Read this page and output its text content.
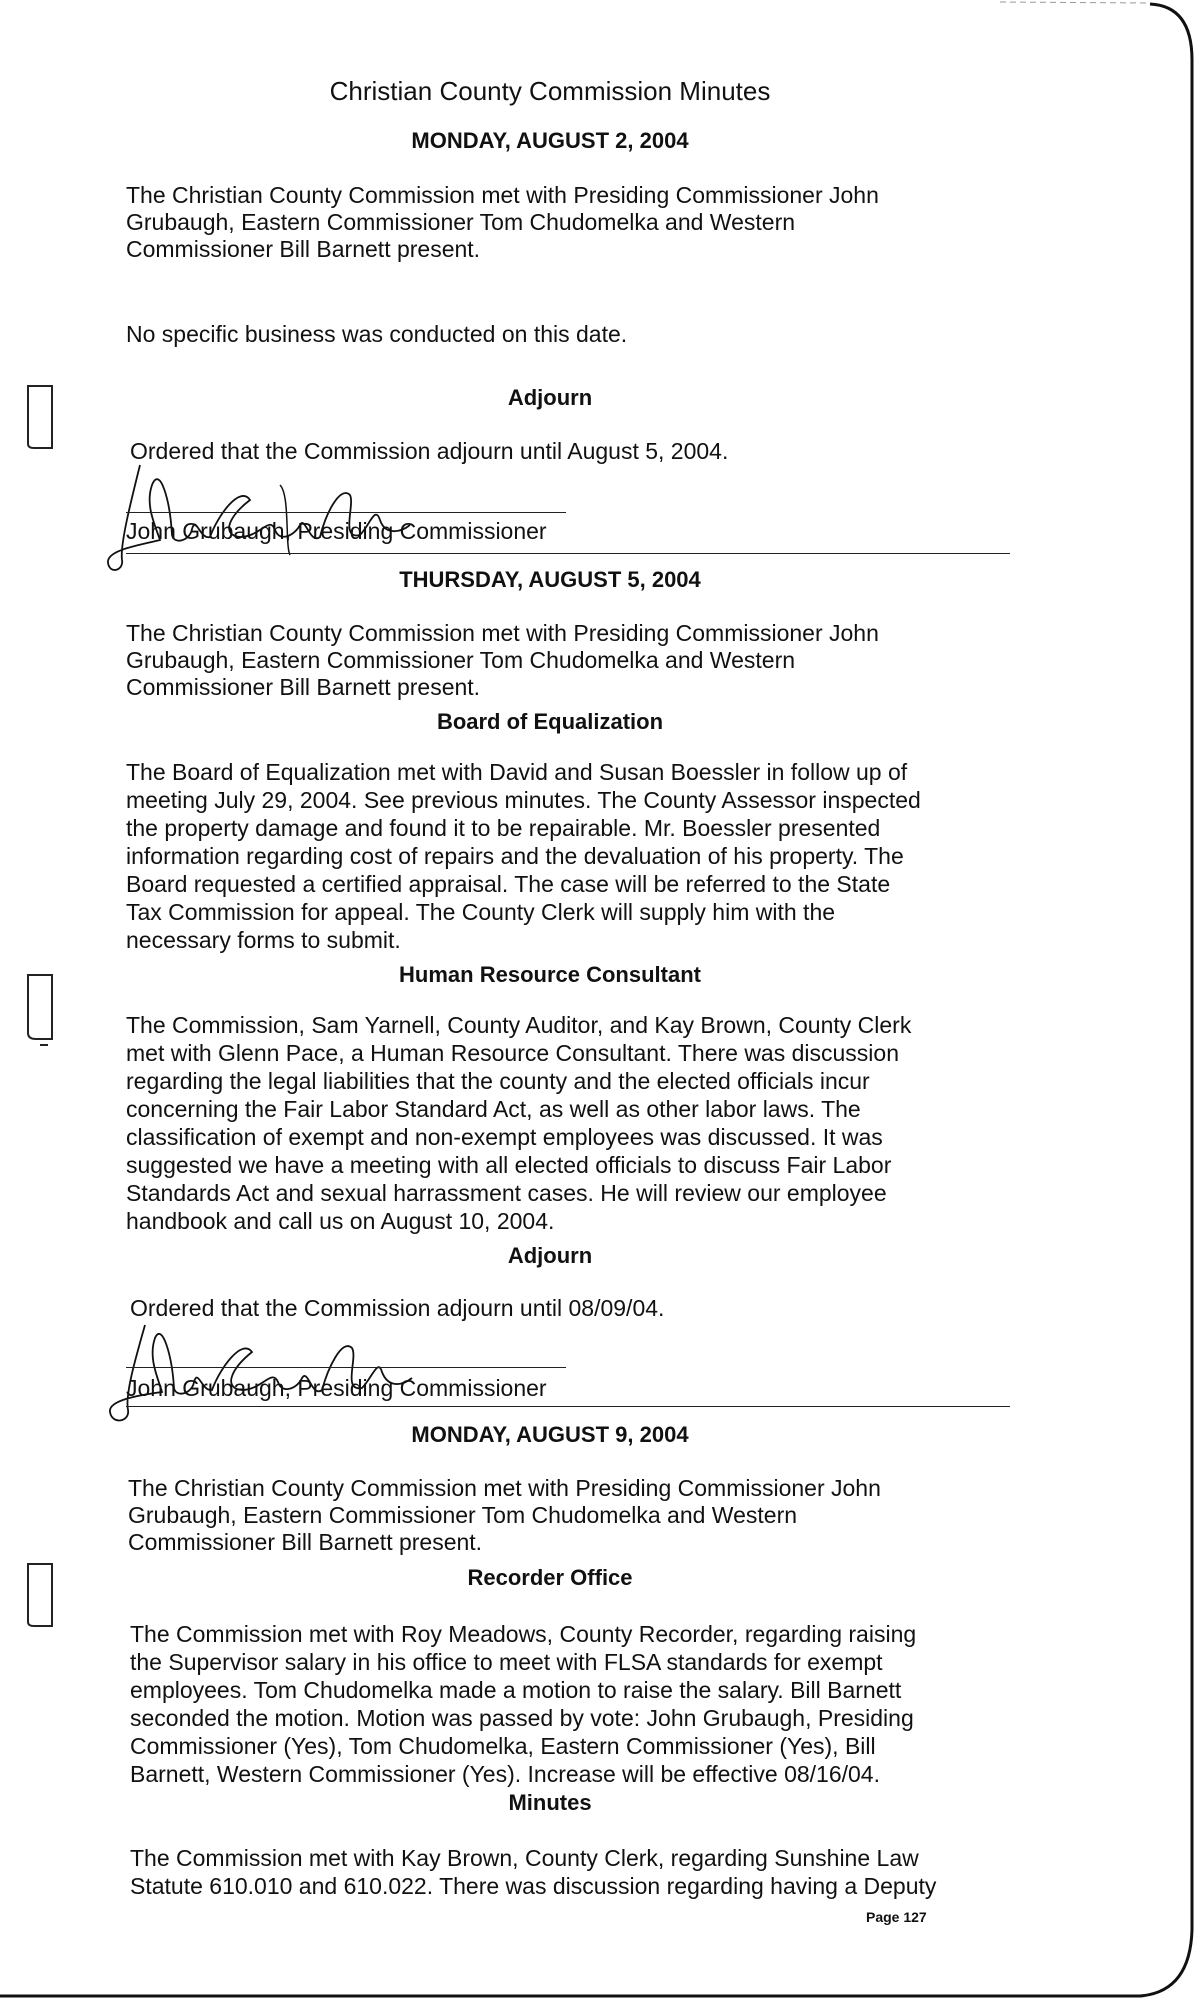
Christian County Commission Minutes
MONDAY, AUGUST 2, 2004
The Christian County Commission met with Presiding Commissioner John
Grubaugh, Eastern Commissioner Tom Chudomelka and Western
Commissioner Bill Barnett present.
No specific business was conducted on this date.
Adjourn
Ordered that the Commission adjourn until August 5, 2004.
John Grubaugh, Presiding Commissioner
THURSDAY, AUGUST 5, 2004
The Christian County Commission met with Presiding Commissioner John
Grubaugh, Eastern Commissioner Tom Chudomelka and Western
Commissioner Bill Barnett present.
Board of Equalization
The Board of Equalization met with David and Susan Boessler in follow up of
meeting July 29, 2004. See previous minutes. The County Assessor inspected
the property damage and found it to be repairable. Mr. Boessler presented
information regarding cost of repairs and the devaluation of his property. The
Board requested a certified appraisal. The case will be referred to the State
Tax Commission for appeal. The County Clerk will supply him with the
necessary forms to submit.
Human Resource Consultant
The Commission, Sam Yarnell, County Auditor, and Kay Brown, County Clerk
met with Glenn Pace, a Human Resource Consultant. There was discussion
regarding the legal liabilities that the county and the elected officials incur
concerning the Fair Labor Standard Act, as well as other labor laws. The
classification of exempt and non-exempt employees was discussed. It was
suggested we have a meeting with all elected officials to discuss Fair Labor
Standards Act and sexual harrassment cases. He will review our employee
handbook and call us on August 10, 2004.
Adjourn
Ordered that the Commission adjourn until 08/09/04.
John Grubaugh, Presiding Commissioner
MONDAY, AUGUST 9, 2004
The Christian County Commission met with Presiding Commissioner John
Grubaugh, Eastern Commissioner Tom Chudomelka and Western
Commissioner Bill Barnett present.
Recorder Office
The Commission met with Roy Meadows, County Recorder, regarding raising
the Supervisor salary in his office to meet with FLSA standards for exempt
employees. Tom Chudomelka made a motion to raise the salary. Bill Barnett
seconded the motion. Motion was passed by vote: John Grubaugh, Presiding
Commissioner (Yes), Tom Chudomelka, Eastern Commissioner (Yes), Bill
Barnett, Western Commissioner (Yes). Increase will be effective 08/16/04.
Minutes
The Commission met with Kay Brown, County Clerk, regarding Sunshine Law
Statute 610.010 and 610.022. There was discussion regarding having a Deputy
Page 127
